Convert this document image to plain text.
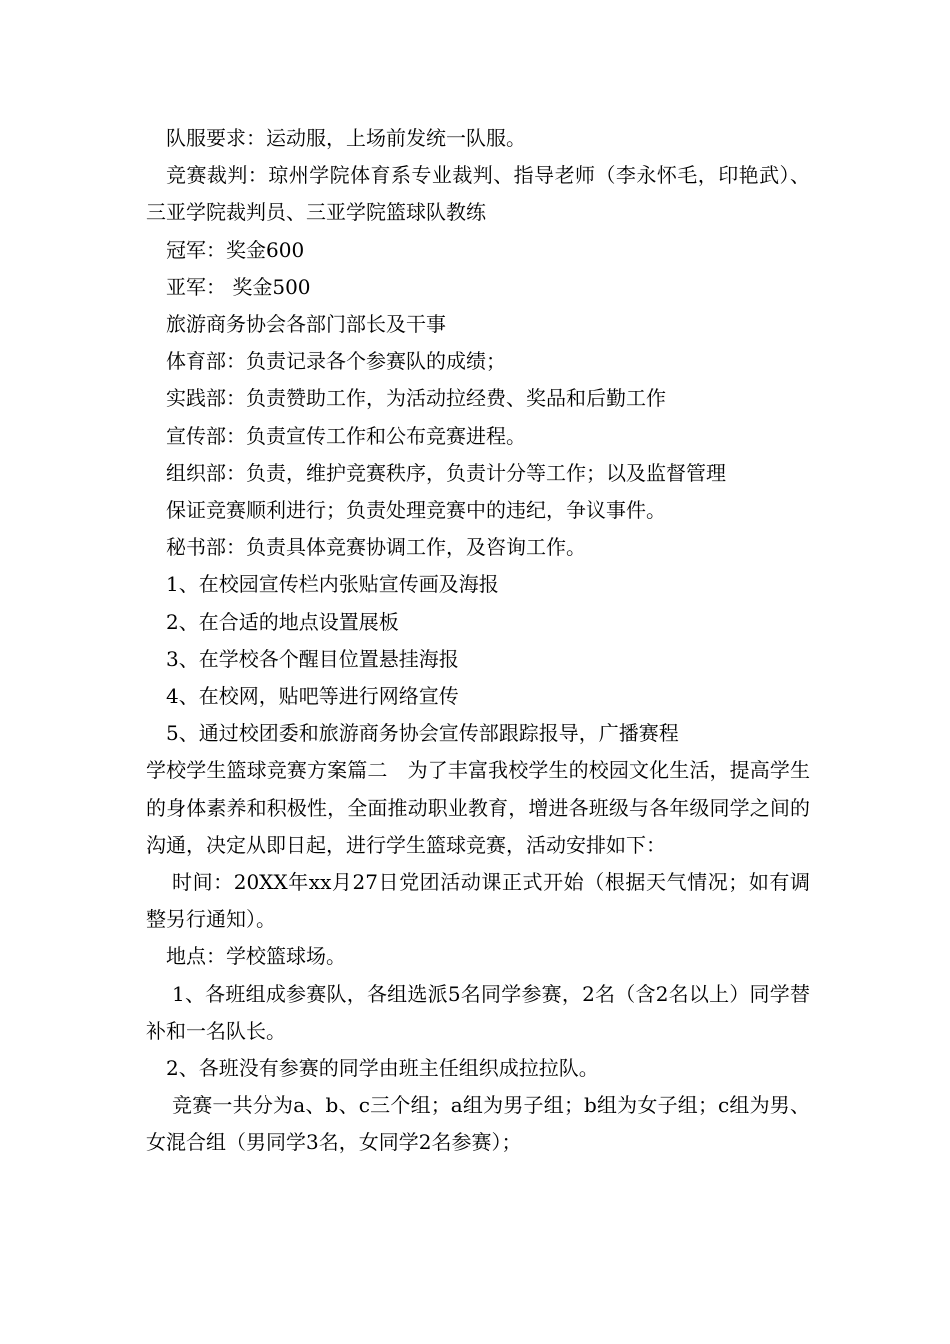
队服要求：运动服，上场前发统一队服。

竞赛裁判：琼州学院体育系专业裁判、指导老师（李永怀毛，印艳武）、三亚学院裁判员、三亚学院篮球队教练

冠军：奖金600

亚军： 奖金500

旅游商务协会各部门部长及干事

体育部：负责记录各个参赛队的成绩；

实践部：负责赞助工作，为活动拉经费、奖品和后勤工作

宣传部：负责宣传工作和公布竞赛进程。

组织部：负责，维护竞赛秩序，负责计分等工作；以及监督管理

保证竞赛顺利进行；负责处理竞赛中的违纪，争议事件。

秘书部：负责具体竞赛协调工作，及咨询工作。

1、在校园宣传栏内张贴宣传画及海报

2、在合适的地点设置展板

3、在学校各个醒目位置悬挂海报

4、在校网，贴吧等进行网络宣传

5、通过校团委和旅游商务协会宣传部跟踪报导，广播赛程

学校学生篮球竞赛方案篇二　为了丰富我校学生的校园文化生活，提高学生的身体素养和积极性，全面推动职业教育，增进各班级与各年级同学之间的沟通，决定从即日起，进行学生篮球竞赛，活动安排如下：

时间：20XX年xx月27日党团活动课正式开始（根据天气情况；如有调整另行通知）。

地点：学校篮球场。

1、各班组成参赛队，各组选派5名同学参赛，2名（含2名以上）同学替补和一名队长。

2、各班没有参赛的同学由班主任组织成拉拉队。

竞赛一共分为a、b、c三个组；a组为男子组；b组为女子组；c组为男、女混合组（男同学3名，女同学2名参赛）；
